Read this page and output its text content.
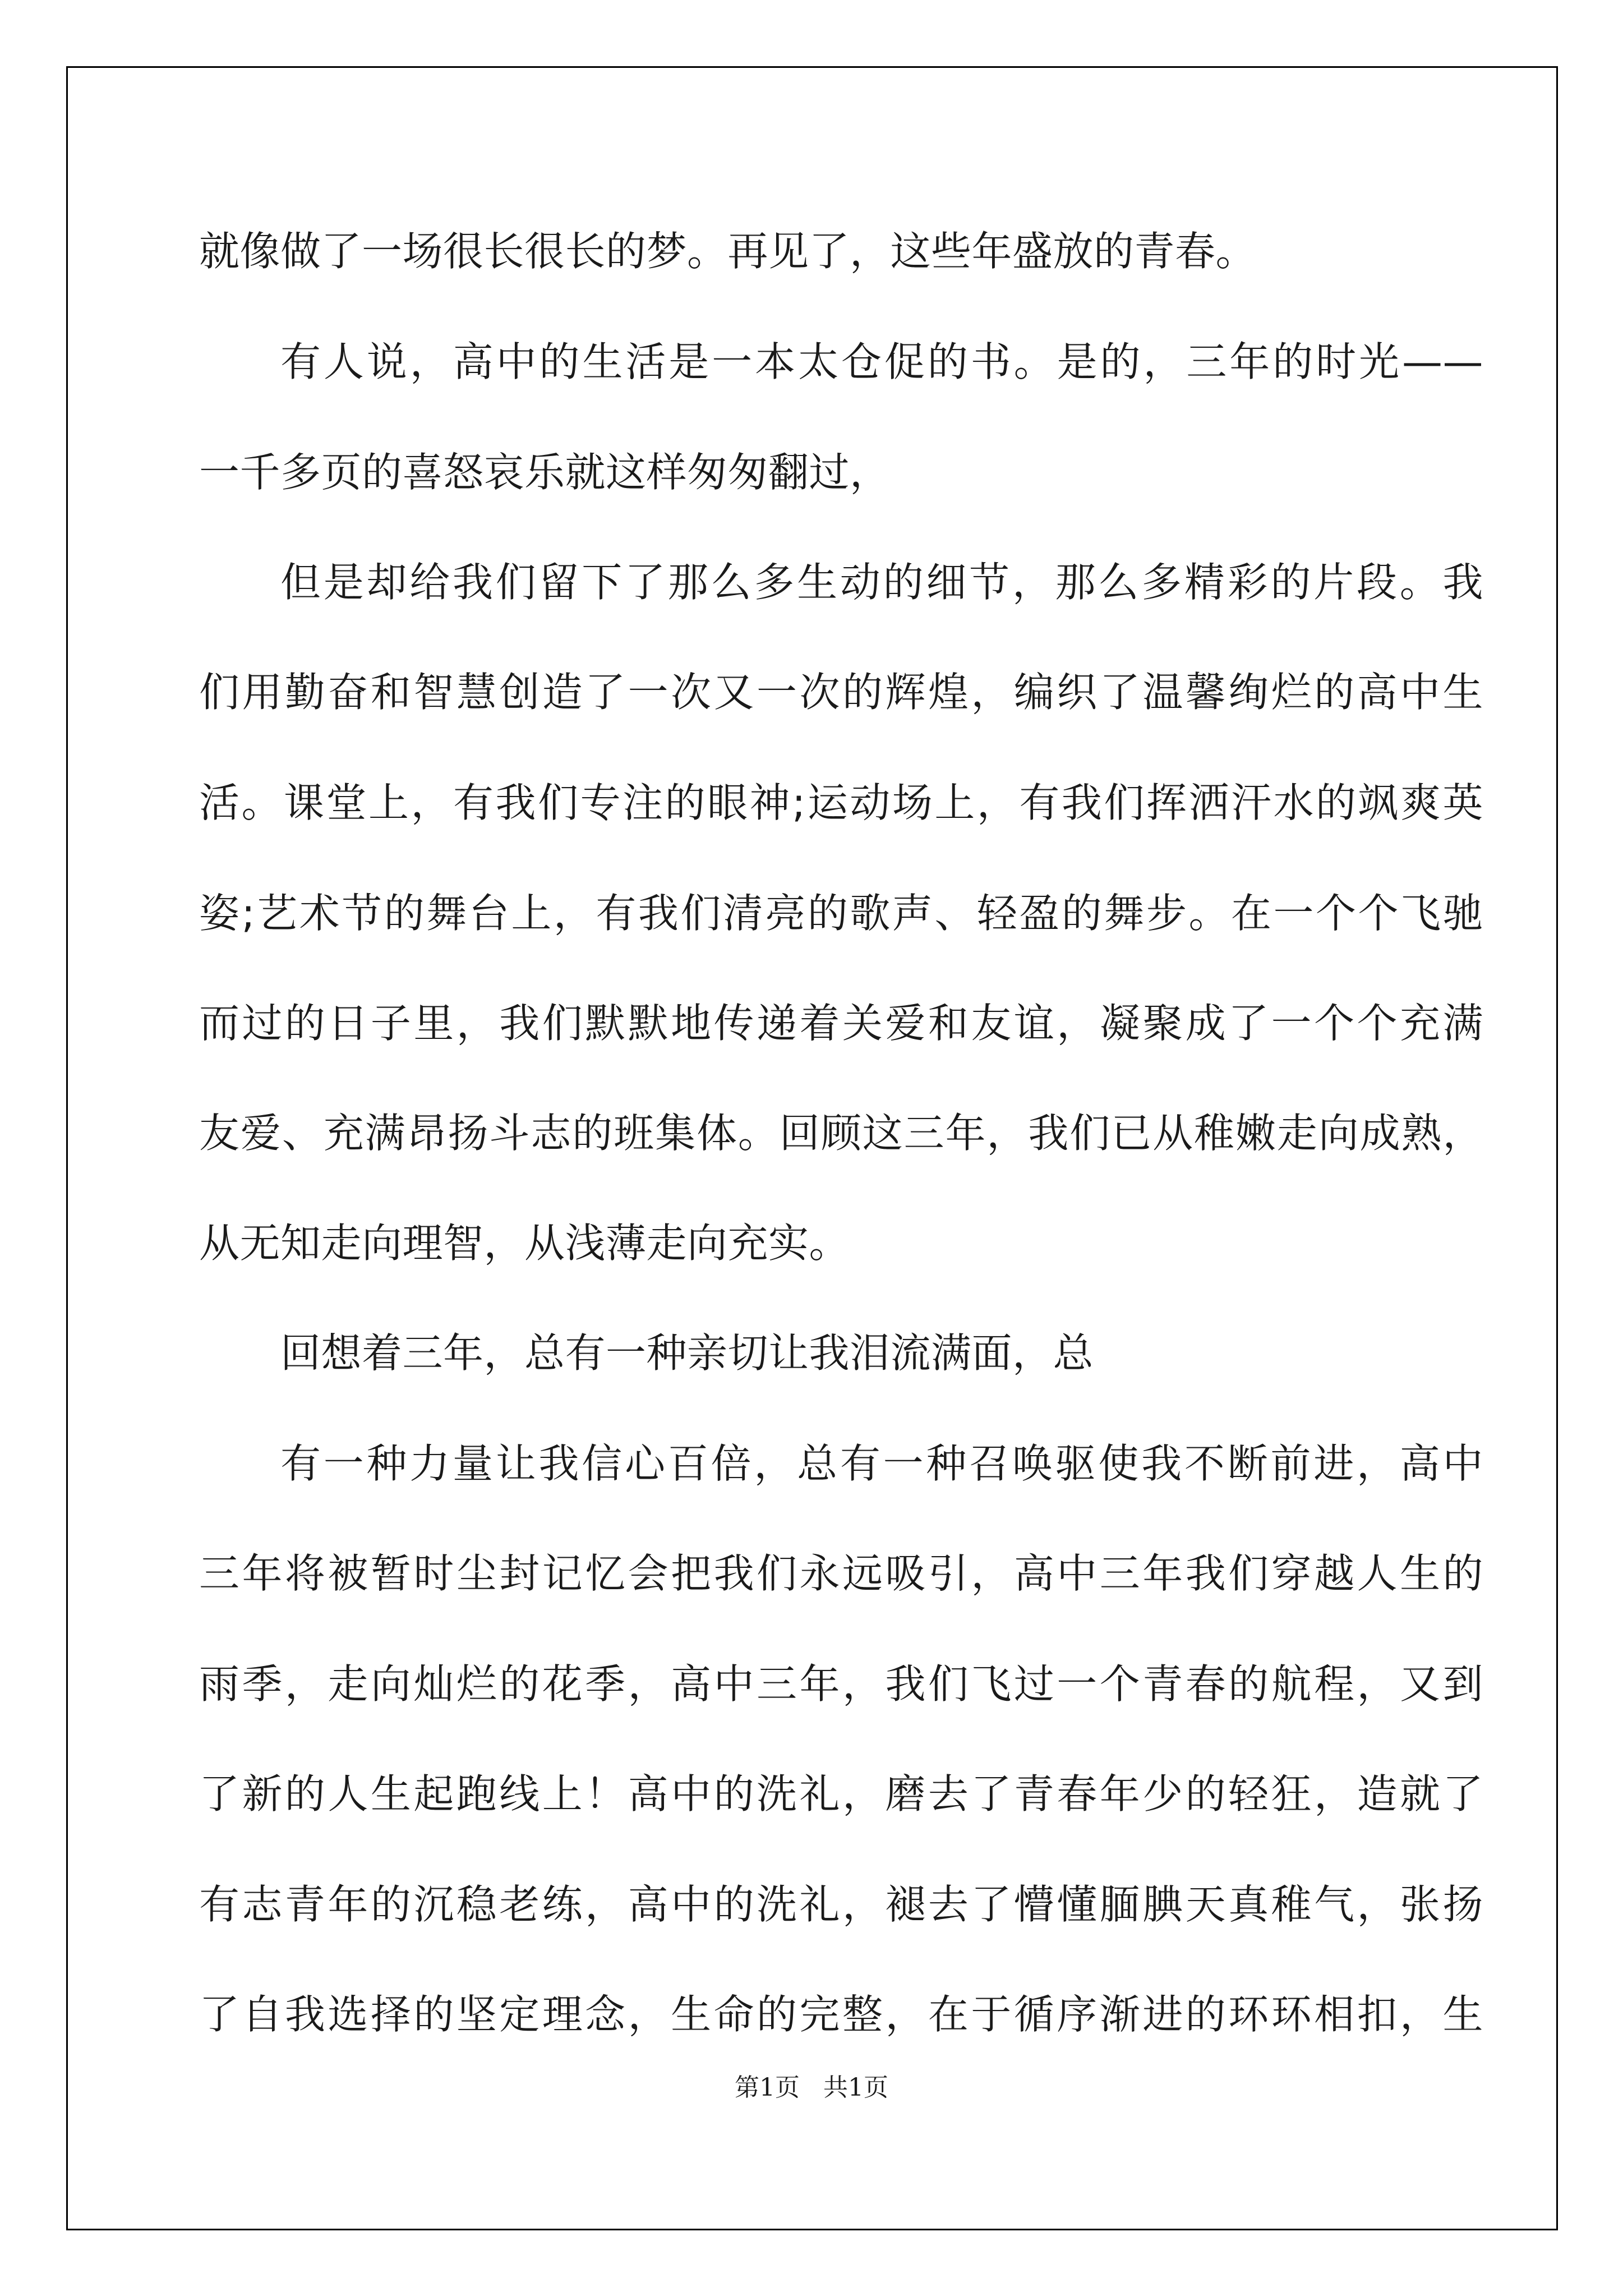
就像做了一场很长很长的梦。再见了，这些年盛放的青春。

有人说，高中的生活是一本太仓促的书。是的，三年的时光——

一千多页的喜怒哀乐就这样匆匆翻过，

但是却给我们留下了那么多生动的细节，那么多精彩的片段。我

们用勤奋和智慧创造了一次又一次的辉煌，编织了温馨绚烂的高中生

活。课堂上，有我们专注的眼神;运动场上，有我们挥洒汗水的飒爽英

姿;艺术节的舞台上，有我们清亮的歌声、轻盈的舞步。在一个个飞驰

而过的日子里，我们默默地传递着关爱和友谊，凝聚成了一个个充满

友爱、充满昂扬斗志的班集体。回顾这三年，我们已从稚嫩走向成熟，

从无知走向理智，从浅薄走向充实。

回想着三年，总有一种亲切让我泪流满面，总

有一种力量让我信心百倍，总有一种召唤驱使我不断前进，高中

三年将被暂时尘封记忆会把我们永远吸引，高中三年我们穿越人生的

雨季，走向灿烂的花季，高中三年，我们飞过一个青春的航程，又到

了新的人生起跑线上！高中的洗礼，磨去了青春年少的轻狂，造就了

有志青年的沉稳老练，高中的洗礼，褪去了懵懂腼腆天真稚气，张扬

了自我选择的坚定理念，生命的完整，在于循序渐进的环环相扣，生

第1页   共1页
